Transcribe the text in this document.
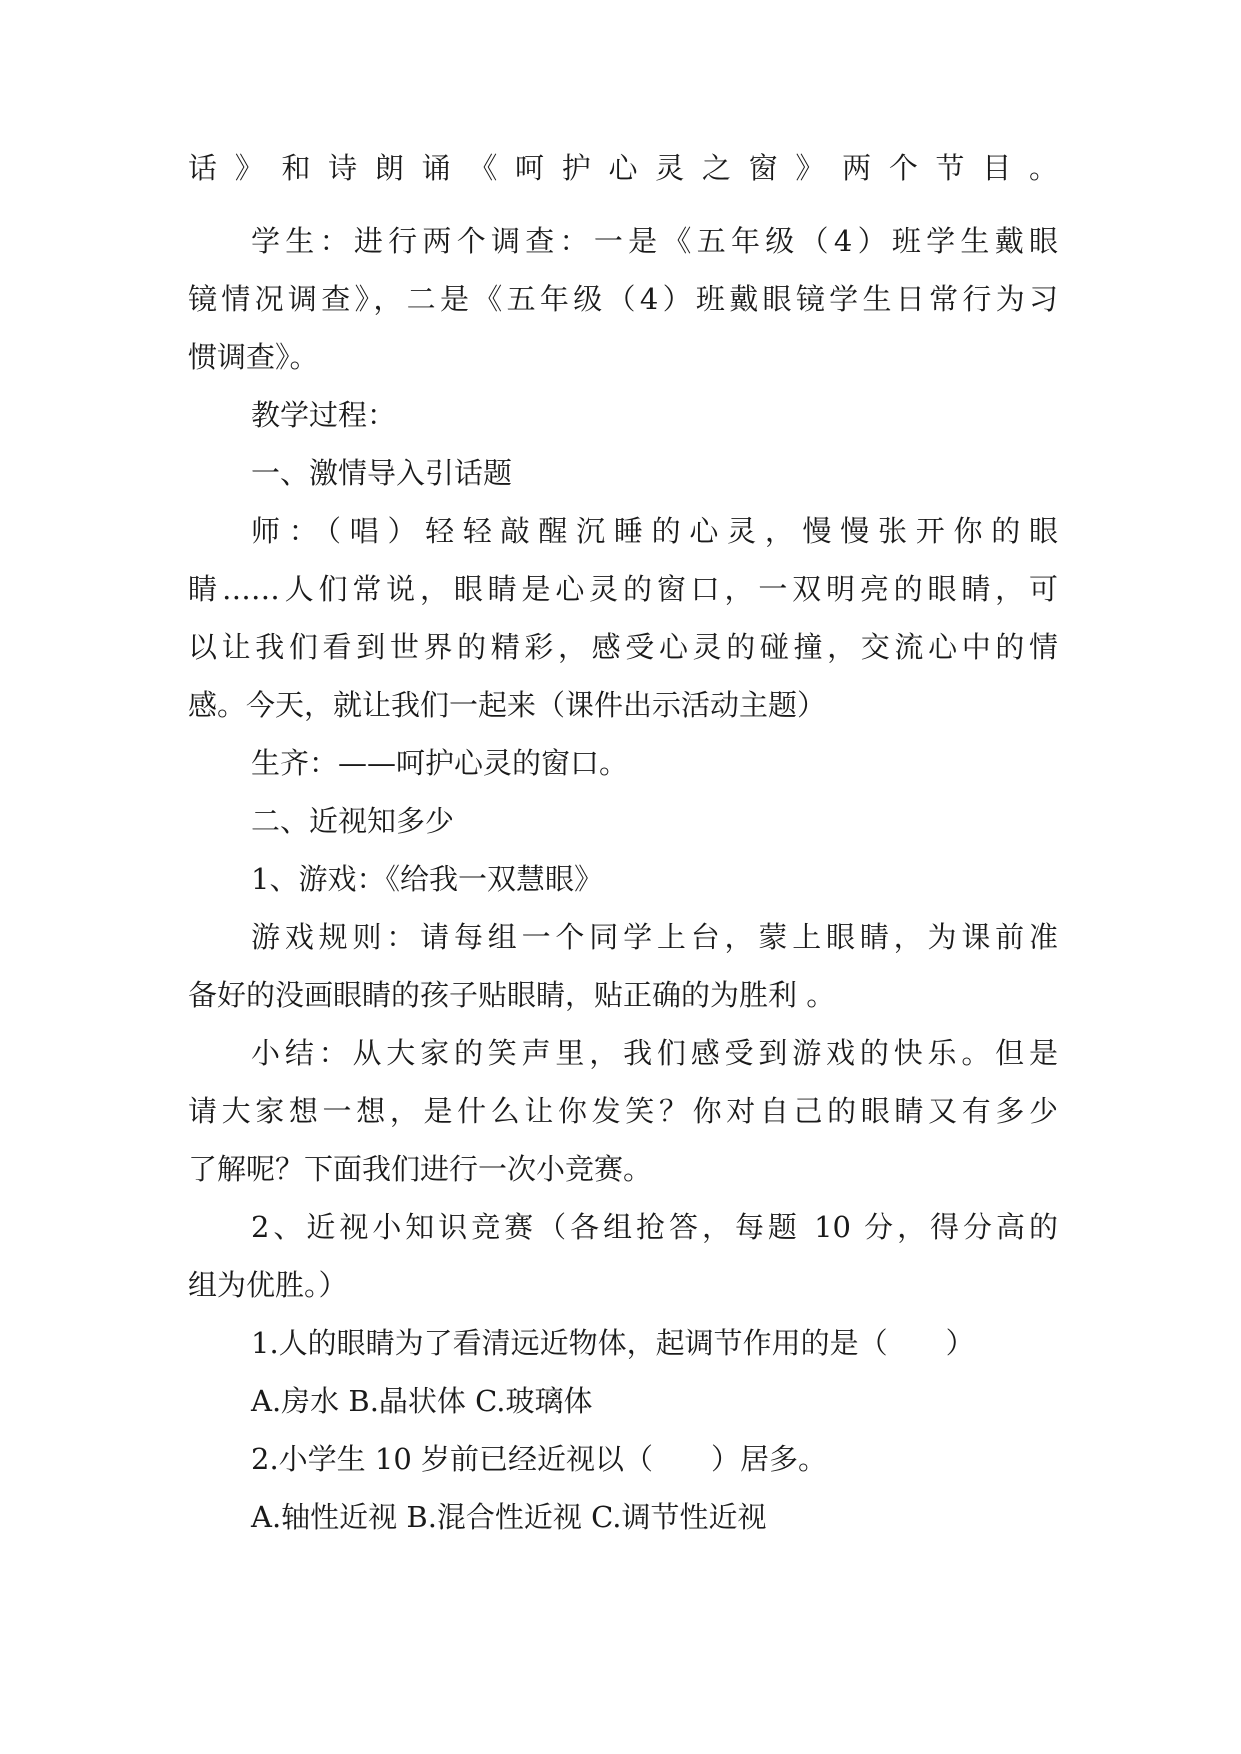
话》和诗朗诵《呵护心灵之窗》两个节目。
学生：进行两个调查：一是《五年级（4）班学生戴眼
镜情况调查》，二是《五年级（4）班戴眼镜学生日常行为习
惯调查》。
教学过程：
一、激情导入引话题
师：（唱）轻轻敲醒沉睡的心灵，慢慢张开你的眼
睛……人们常说，眼睛是心灵的窗口，一双明亮的眼睛，可
以让我们看到世界的精彩，感受心灵的碰撞，交流心中的情
感。今天，就让我们一起来（课件出示活动主题）
生齐：——呵护心灵的窗口。
二、近视知多少
1、游戏：《给我一双慧眼》
游戏规则：请每组一个同学上台，蒙上眼睛，为课前准
备好的没画眼睛的孩子贴眼睛，贴正确的为胜利 。
小结：从大家的笑声里，我们感受到游戏的快乐。但是
请大家想一想，是什么让你发笑？你对自己的眼睛又有多少
了解呢？下面我们进行一次小竞赛。
2、近视小知识竞赛（各组抢答，每题 10 分，得分高的
组为优胜。）
1.人的眼睛为了看清远近物体，起调节作用的是（　　）
A.房水 B.晶状体 C.玻璃体
2.小学生 10 岁前已经近视以（　　）居多。
A.轴性近视 B.混合性近视 C.调节性近视
